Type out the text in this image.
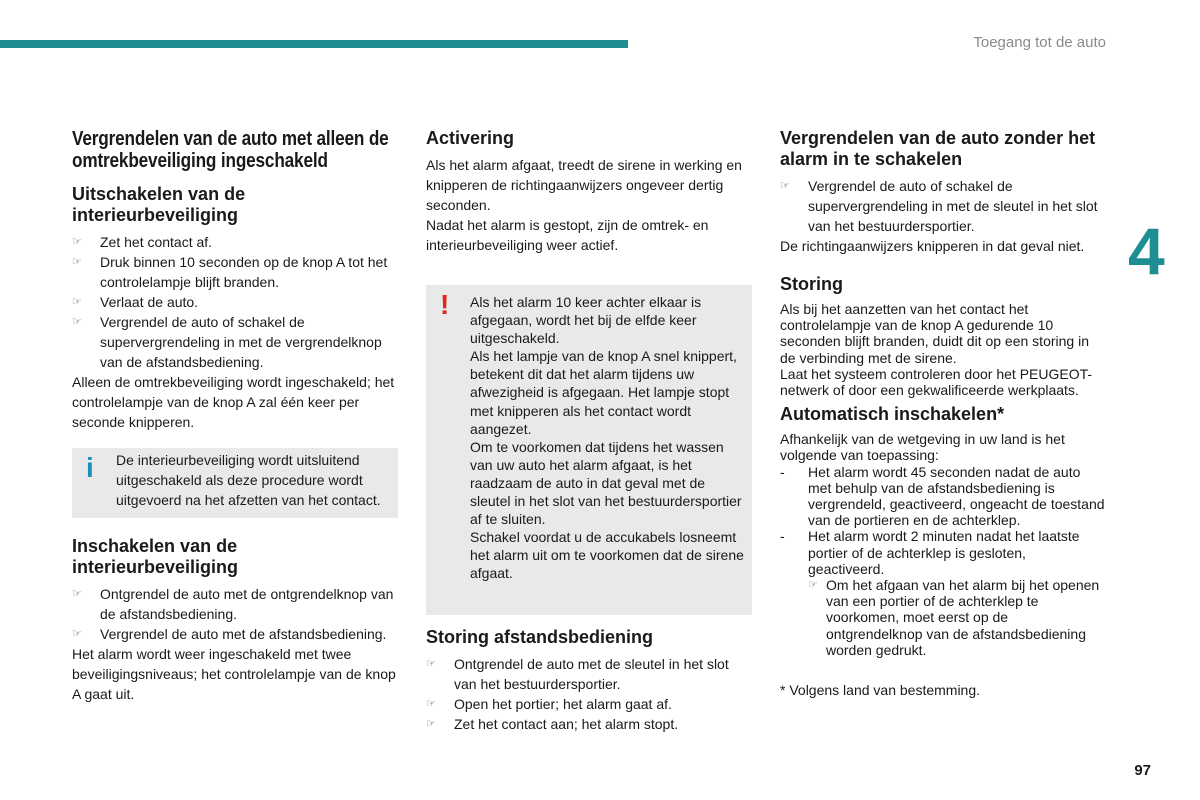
Toegang tot de auto
4
97
Vergrendelen van de auto met alleen de omtrekbeveiliging ingeschakeld
Uitschakelen van de interieurbeveiliging
☞ Zet het contact af.
☞ Druk binnen 10 seconden op de knop A tot het controlelampje blijft branden.
☞ Verlaat de auto.
☞ Vergrendel de auto of schakel de supervergrendeling in met de vergrendelknop van de afstandsbediening.

Alleen de omtrekbeveiliging wordt ingeschakeld; het controlelampje van de knop A zal één keer per seconde knipperen.

i De interieurbeveiliging wordt uitsluitend uitgeschakeld als deze procedure wordt uitgevoerd na het afzetten van het contact.

Inschakelen van de interieurbeveiliging
☞ Ontgrendel de auto met de ontgrendelknop van de afstandsbediening.
☞ Vergrendel de auto met de afstandsbediening.

Het alarm wordt weer ingeschakeld met twee beveiligingsniveaus; het controlelampje van de knop A gaat uit.

Activering

Als het alarm afgaat, treedt de sirene in werking en knipperen de richtingaanwijzers ongeveer dertig seconden.

Nadat het alarm is gestopt, zijn de omtrek- en interieurbeveiliging weer actief.

! Als het alarm 10 keer achter elkaar is afgegaan, wordt het bij de elfde keer uitgeschakeld.

Als het lampje van de knop A snel knippert, betekent dit dat het alarm tijdens uw afwezigheid is afgegaan. Het lampje stopt met knipperen als het contact wordt aangezet.

Om te voorkomen dat tijdens het wassen van uw auto het alarm afgaat, is het raadzaam de auto in dat geval met de sleutel in het slot van het bestuurdersportier af te sluiten.

Schakel voordat u de accukabels losneemt het alarm uit om te voorkomen dat de sirene afgaat.

Storing afstandsbediening
☞ Ontgrendel de auto met de sleutel in het slot van het bestuurdersportier.
☞ Open het portier; het alarm gaat af.
☞ Zet het contact aan; het alarm stopt.
Vergrendelen van de auto zonder het alarm in te schakelen
☞ Vergrendel de auto of schakel de supervergrendeling in met de sleutel in het slot van het bestuurdersportier.

De richtingaanwijzers knipperen in dat geval niet.

Storing

Als bij het aanzetten van het contact het controlelampje van de knop A gedurende 10 seconden blijft branden, duidt dit op een storing in de verbinding met de sirene.

Laat het systeem controleren door het PEUGEOT-netwerk of door een gekwalificeerde werkplaats.

Automatisch inschakelen*

Afhankelijk van de wetgeving in uw land is het volgende van toepassing:

- Het alarm wordt 45 seconden nadat de auto met behulp van de afstandsbediening is vergrendeld, geactiveerd, ongeacht de toestand van de portieren en de achterklep.
- Het alarm wordt 2 minuten nadat het laatste portier of de achterklep is gesloten, geactiveerd.
☞ Om het afgaan van het alarm bij het openen van een portier of de achterklep te voorkomen, moet eerst op de ontgrendelknop van de afstandsbediening worden gedrukt.

* Volgens land van bestemming.
